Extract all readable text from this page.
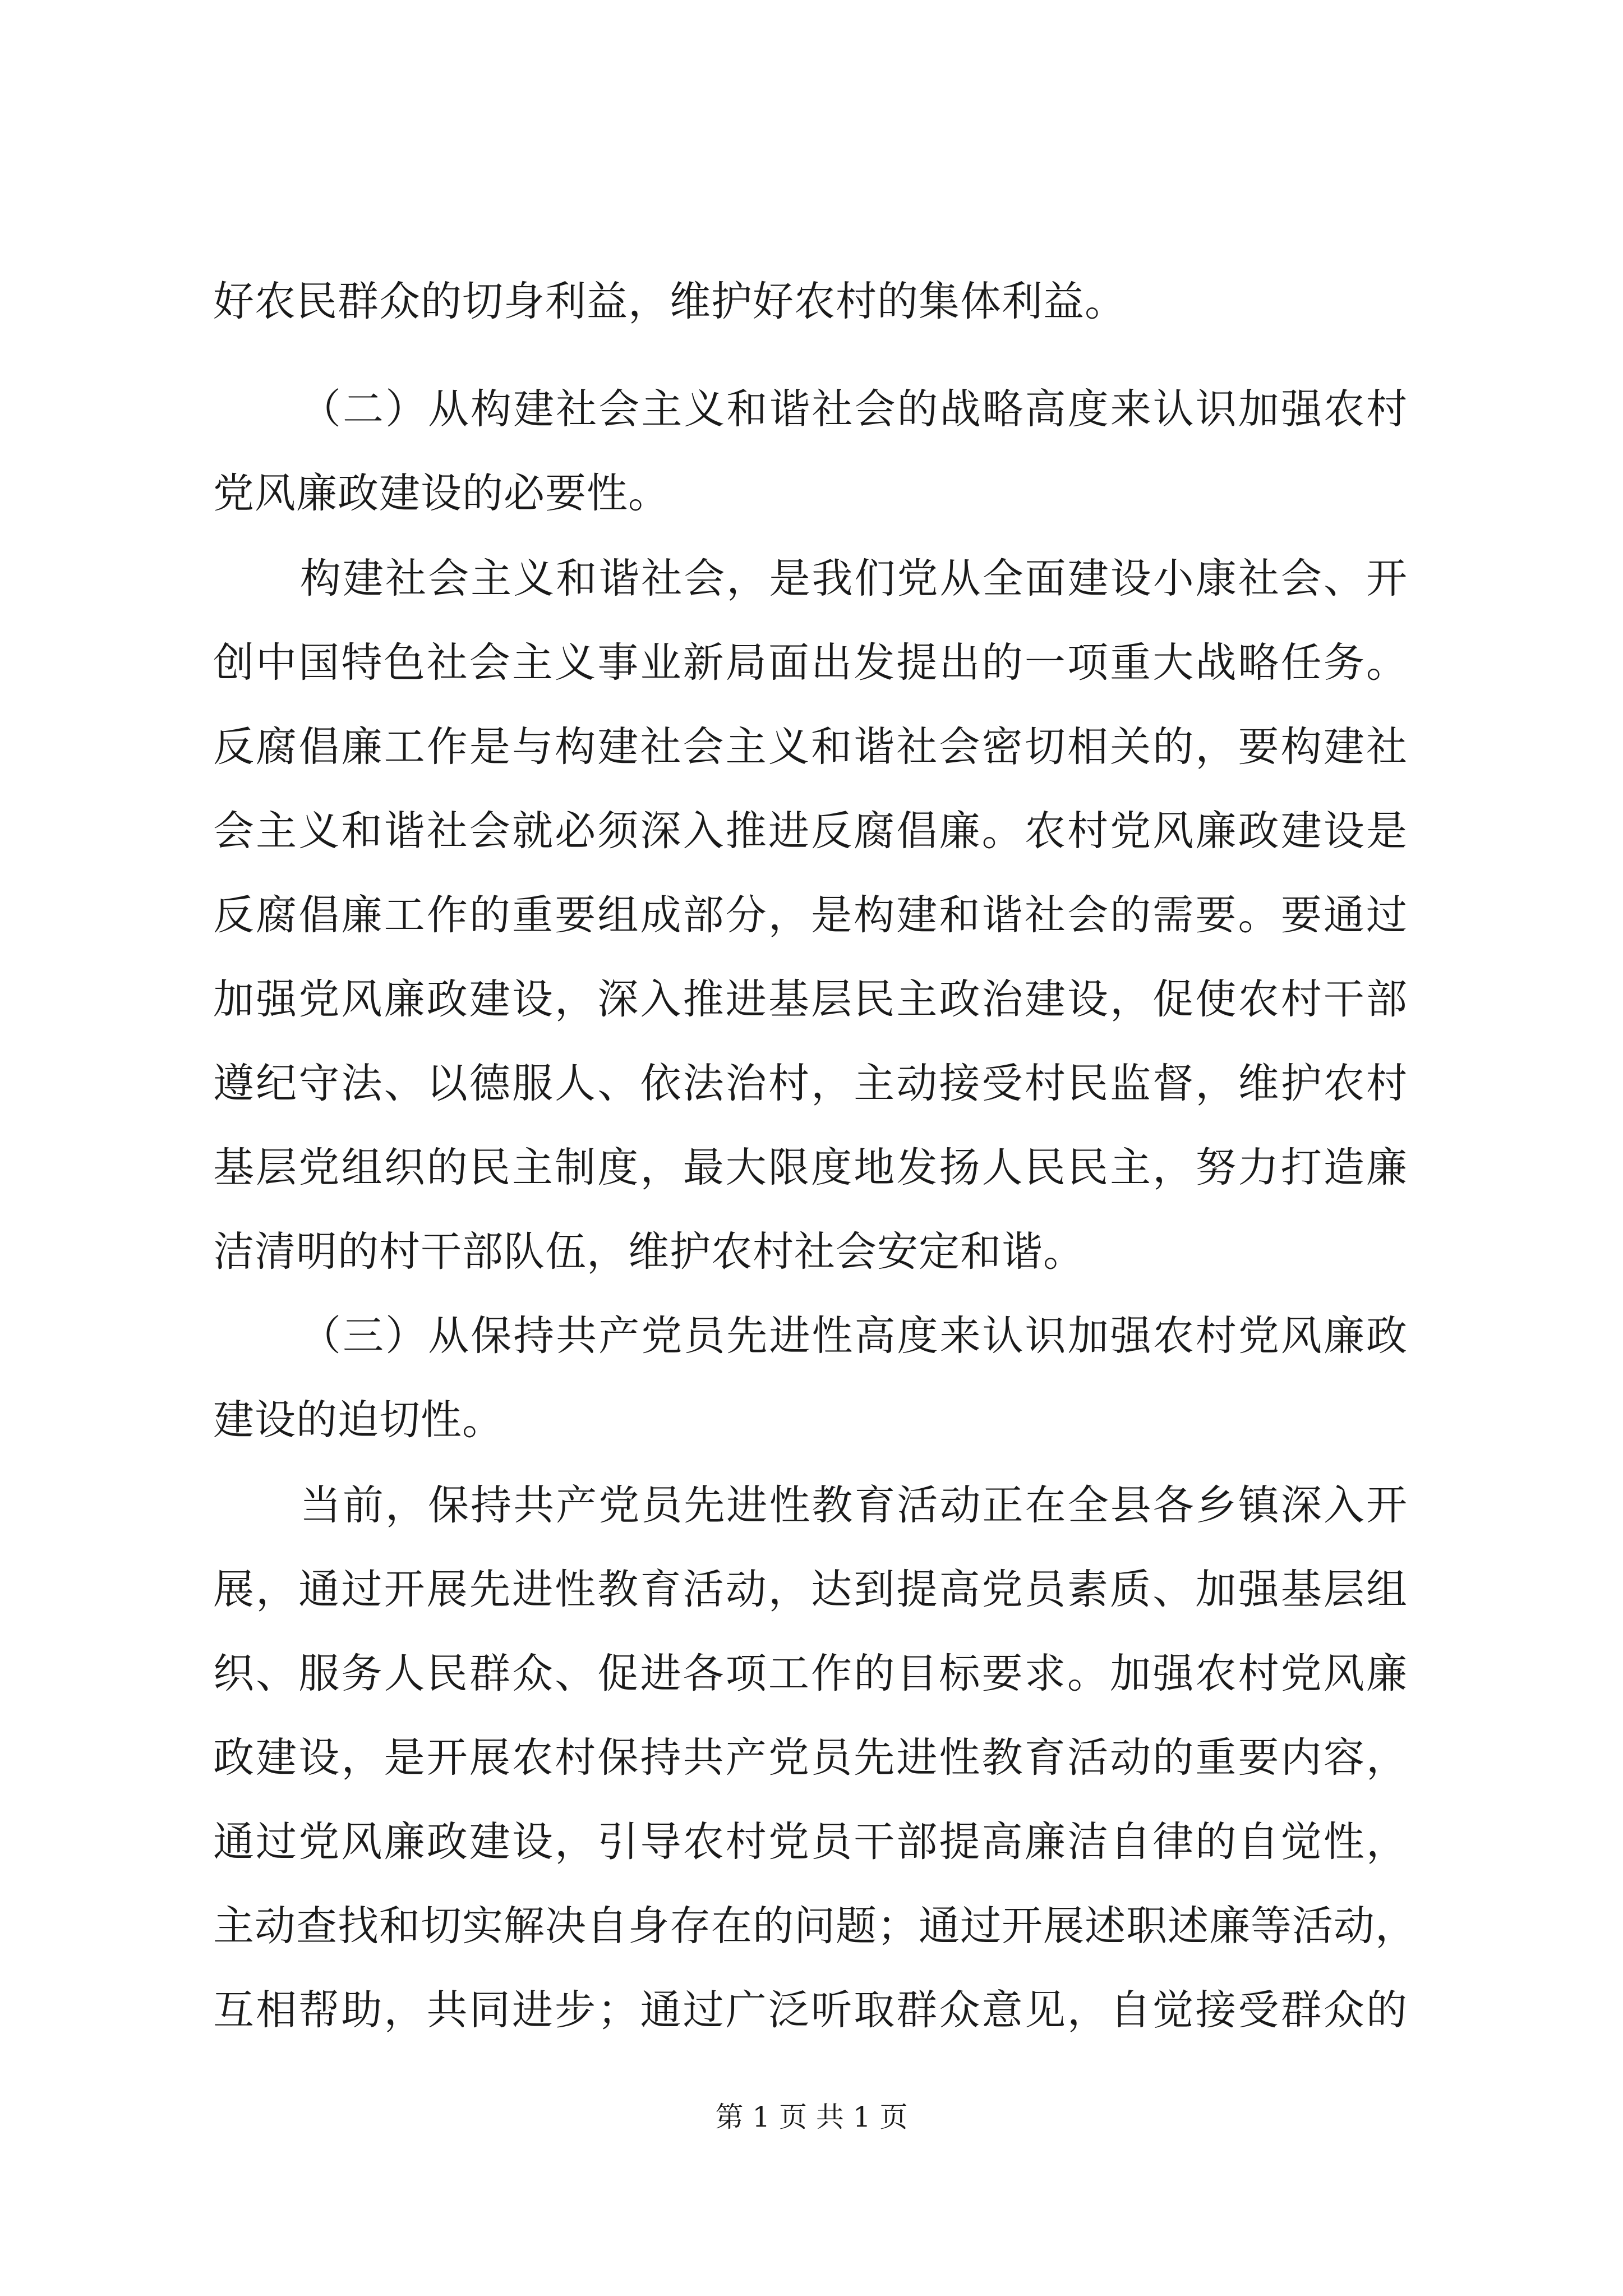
好农民群众的切身利益，维护好农村的集体利益。
（二）从构建社会主义和谐社会的战略高度来认识加强农村
党风廉政建设的必要性。
构建社会主义和谐社会，是我们党从全面建设小康社会、开
创中国特色社会主义事业新局面出发提出的一项重大战略任务。
反腐倡廉工作是与构建社会主义和谐社会密切相关的，要构建社
会主义和谐社会就必须深入推进反腐倡廉。农村党风廉政建设是
反腐倡廉工作的重要组成部分，是构建和谐社会的需要。要通过
加强党风廉政建设，深入推进基层民主政治建设，促使农村干部
遵纪守法、以德服人、依法治村，主动接受村民监督，维护农村
基层党组织的民主制度，最大限度地发扬人民民主，努力打造廉
洁清明的村干部队伍，维护农村社会安定和谐。
（三）从保持共产党员先进性高度来认识加强农村党风廉政
建设的迫切性。
当前，保持共产党员先进性教育活动正在全县各乡镇深入开
展，通过开展先进性教育活动，达到提高党员素质、加强基层组
织、服务人民群众、促进各项工作的目标要求。加强农村党风廉
政建设，是开展农村保持共产党员先进性教育活动的重要内容，
通过党风廉政建设，引导农村党员干部提高廉洁自律的自觉性，
主动查找和切实解决自身存在的问题；通过开展述职述廉等活动，
互相帮助，共同进步；通过广泛听取群众意见，自觉接受群众的
第 1 页 共 1 页
